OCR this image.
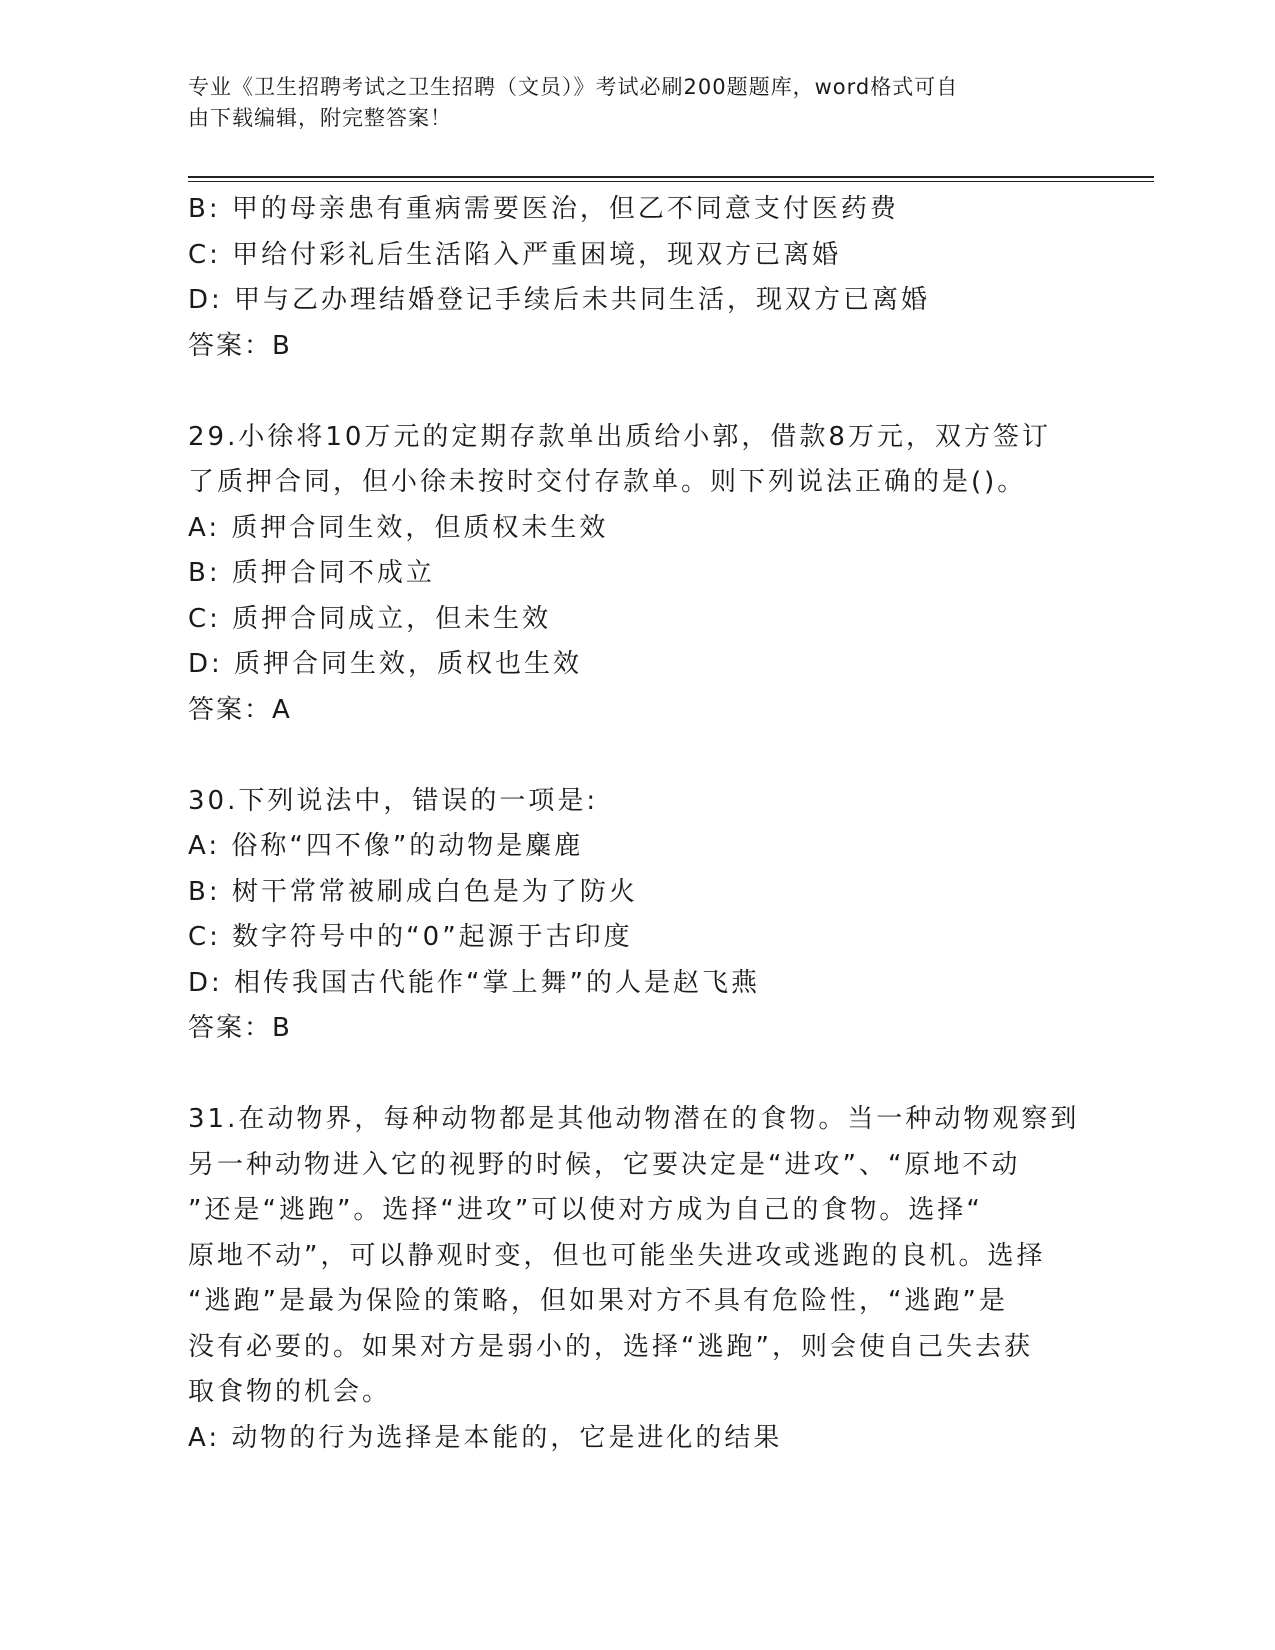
专业《卫生招聘考试之卫生招聘（文员）》考试必刷200题题库，word格式可自
由下载编辑，附完整答案！
B: 甲的母亲患有重病需要医治，但乙不同意支付医药费
C: 甲给付彩礼后生活陷入严重困境，现双方已离婚
D: 甲与乙办理结婚登记手续后未共同生活，现双方已离婚
答案：B
29.小徐将10万元的定期存款单出质给小郭，借款8万元，双方签订
了质押合同，但小徐未按时交付存款单。则下列说法正确的是()。
A: 质押合同生效，但质权未生效
B: 质押合同不成立
C: 质押合同成立，但未生效
D: 质押合同生效，质权也生效
答案：A
30.下列说法中，错误的一项是:
A: 俗称“四不像”的动物是麋鹿
B: 树干常常被刷成白色是为了防火
C: 数字符号中的“0”起源于古印度
D: 相传我国古代能作“掌上舞”的人是赵飞燕
答案：B
31.在动物界，每种动物都是其他动物潜在的食物。当一种动物观察到
另一种动物进入它的视野的时候，它要决定是“进攻”、“原地不动
”还是“逃跑”。选择“进攻”可以使对方成为自己的食物。选择“
原地不动”，可以静观时变，但也可能坐失进攻或逃跑的良机。选择
“逃跑”是最为保险的策略，但如果对方不具有危险性，“逃跑”是
没有必要的。如果对方是弱小的，选择“逃跑”，则会使自己失去获
取食物的机会。
A: 动物的行为选择是本能的，它是进化的结果
